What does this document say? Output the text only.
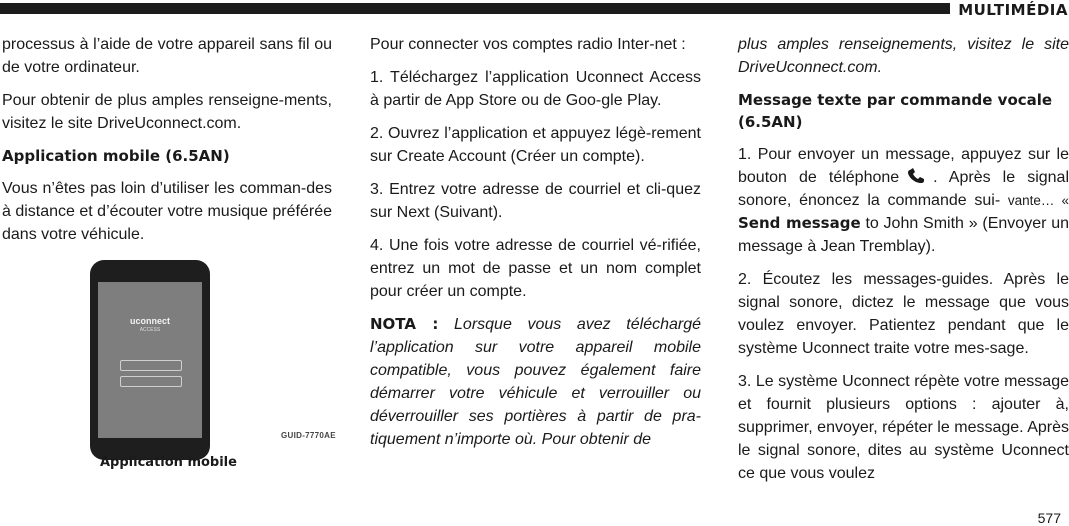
MULTIMÉDIA

processus à l’aide de votre appareil sans fil ou de votre ordinateur.

Pour obtenir de plus amples renseigne-ments, visitez le site DriveUconnect.com.

Application mobile (6.5AN)

Vous n’êtes pas loin d’utiliser les comman-des à distance et d’écouter votre musique préférée dans votre véhicule.

uconnect
ACCESS
GUID-7770AE
Application mobile

Pour connecter vos comptes radio Inter-net :

1. Téléchargez l’application Uconnect Access à partir de App Store ou de Goo-gle Play.

2. Ouvrez l’application et appuyez légè-rement sur Create Account (Créer un compte).

3. Entrez votre adresse de courriel et cli-quez sur Next (Suivant).

4. Une fois votre adresse de courriel vé-rifiée, entrez un mot de passe et un nom complet pour créer un compte.

NOTA : Lorsque vous avez téléchargé l’application sur votre appareil mobile compatible, vous pouvez également faire démarrer votre véhicule et verrouiller ou déverrouiller ses portières à partir de pra-tiquement n’importe où. Pour obtenir de

plus amples renseignements, visitez le site DriveUconnect.com.

Message texte par commande vocale (6.5AN)

1. Pour envoyer un message, appuyez sur le bouton de téléphone . Après le signal sonore, énoncez la commande sui- vante… « Send message to John Smith » (Envoyer un message à Jean Tremblay).

2. Écoutez les messages-guides. Après le signal sonore, dictez le message que vous voulez envoyer. Patientez pendant que le système Uconnect traite votre mes-sage.

3. Le système Uconnect répète votre message et fournit plusieurs options : ajouter à, supprimer, envoyer, répéter le message. Après le signal sonore, dites au système Uconnect ce que vous voulez

577
